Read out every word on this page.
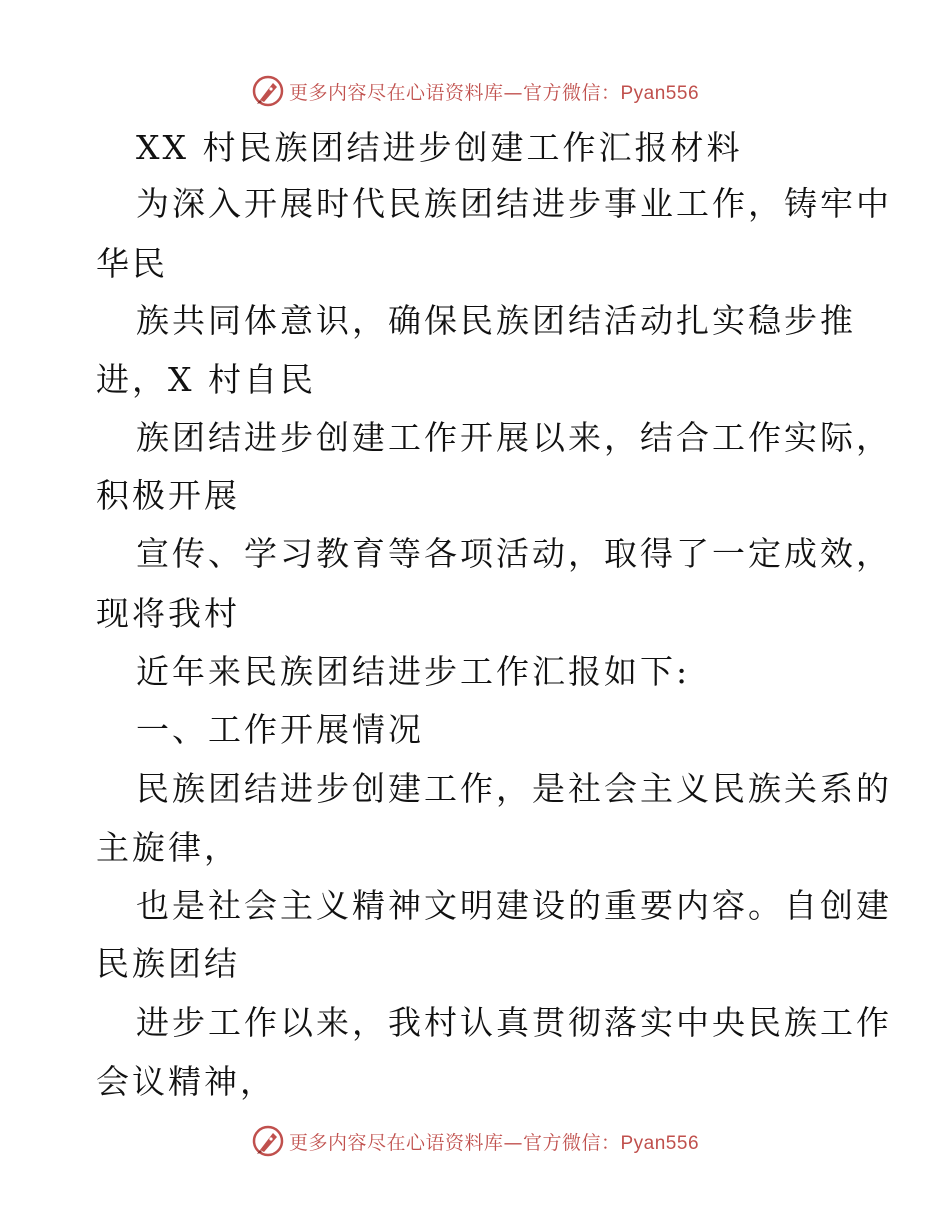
更多内容尽在心语资料库—官方微信：Pyan556
XX 村民族团结进步创建工作汇报材料
为深入开展时代民族团结进步事业工作，铸牢中
华民
族共同体意识，确保民族团结活动扎实稳步推
进，X 村自民
族团结进步创建工作开展以来，结合工作实际，
积极开展
宣传、学习教育等各项活动，取得了一定成效，
现将我村
近年来民族团结进步工作汇报如下:
一、工作开展情况
民族团结进步创建工作，是社会主义民族关系的
主旋律，
也是社会主义精神文明建设的重要内容。自创建
民族团结
进步工作以来，我村认真贯彻落实中央民族工作
会议精神，
更多内容尽在心语资料库—官方微信：Pyan556
